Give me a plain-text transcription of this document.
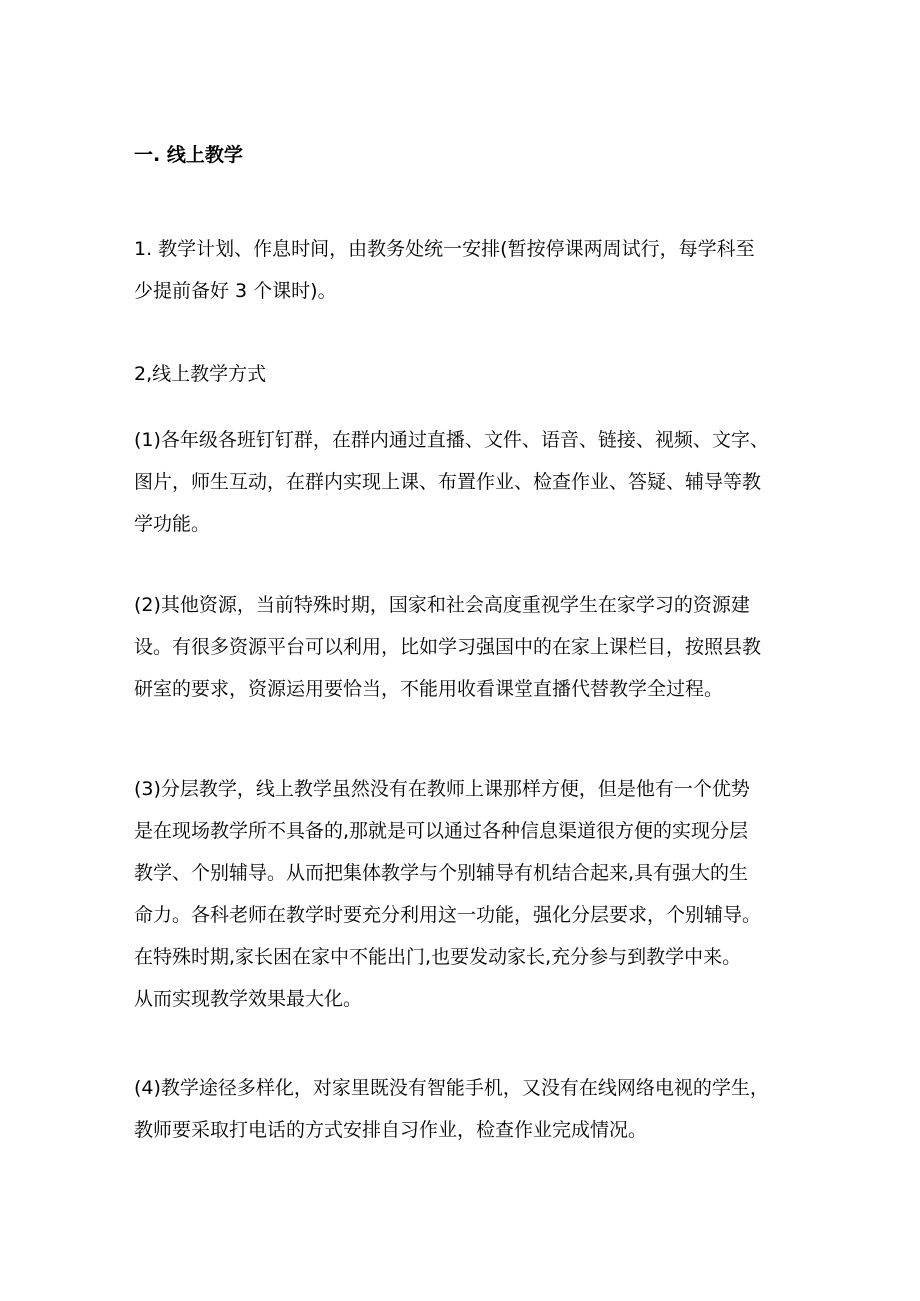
一. 线上教学

1. 教学计划、作息时间，由教务处统一安排(暂按停课两周试行，每学科至
少提前备好 3 个课时)。

2,线上教学方式

(1)各年级各班钉钉群，在群内通过直播、文件、语音、链接、视频、文字、
图片，师生互动，在群内实现上课、布置作业、检查作业、答疑、辅导等教
学功能。

(2)其他资源，当前特殊时期，国家和社会高度重视学生在家学习的资源建
设。有很多资源平台可以利用，比如学习强国中的在家上课栏目，按照县教
研室的要求，资源运用要恰当，不能用收看课堂直播代替教学全过程。

(3)分层教学，线上教学虽然没有在教师上课那样方便，但是他有一个优势
是在现场教学所不具备的,那就是可以通过各种信息渠道很方便的实现分层
教学、个别辅导。从而把集体教学与个别辅导有机结合起来,具有强大的生
命力。各科老师在教学时要充分利用这一功能，强化分层要求，个别辅导。
在特殊时期,家长困在家中不能出门,也要发动家长,充分参与到教学中来。
从而实现教学效果最大化。

(4)教学途径多样化，对家里既没有智能手机，又没有在线网络电视的学生，
教师要采取打电话的方式安排自习作业，检查作业完成情况。
